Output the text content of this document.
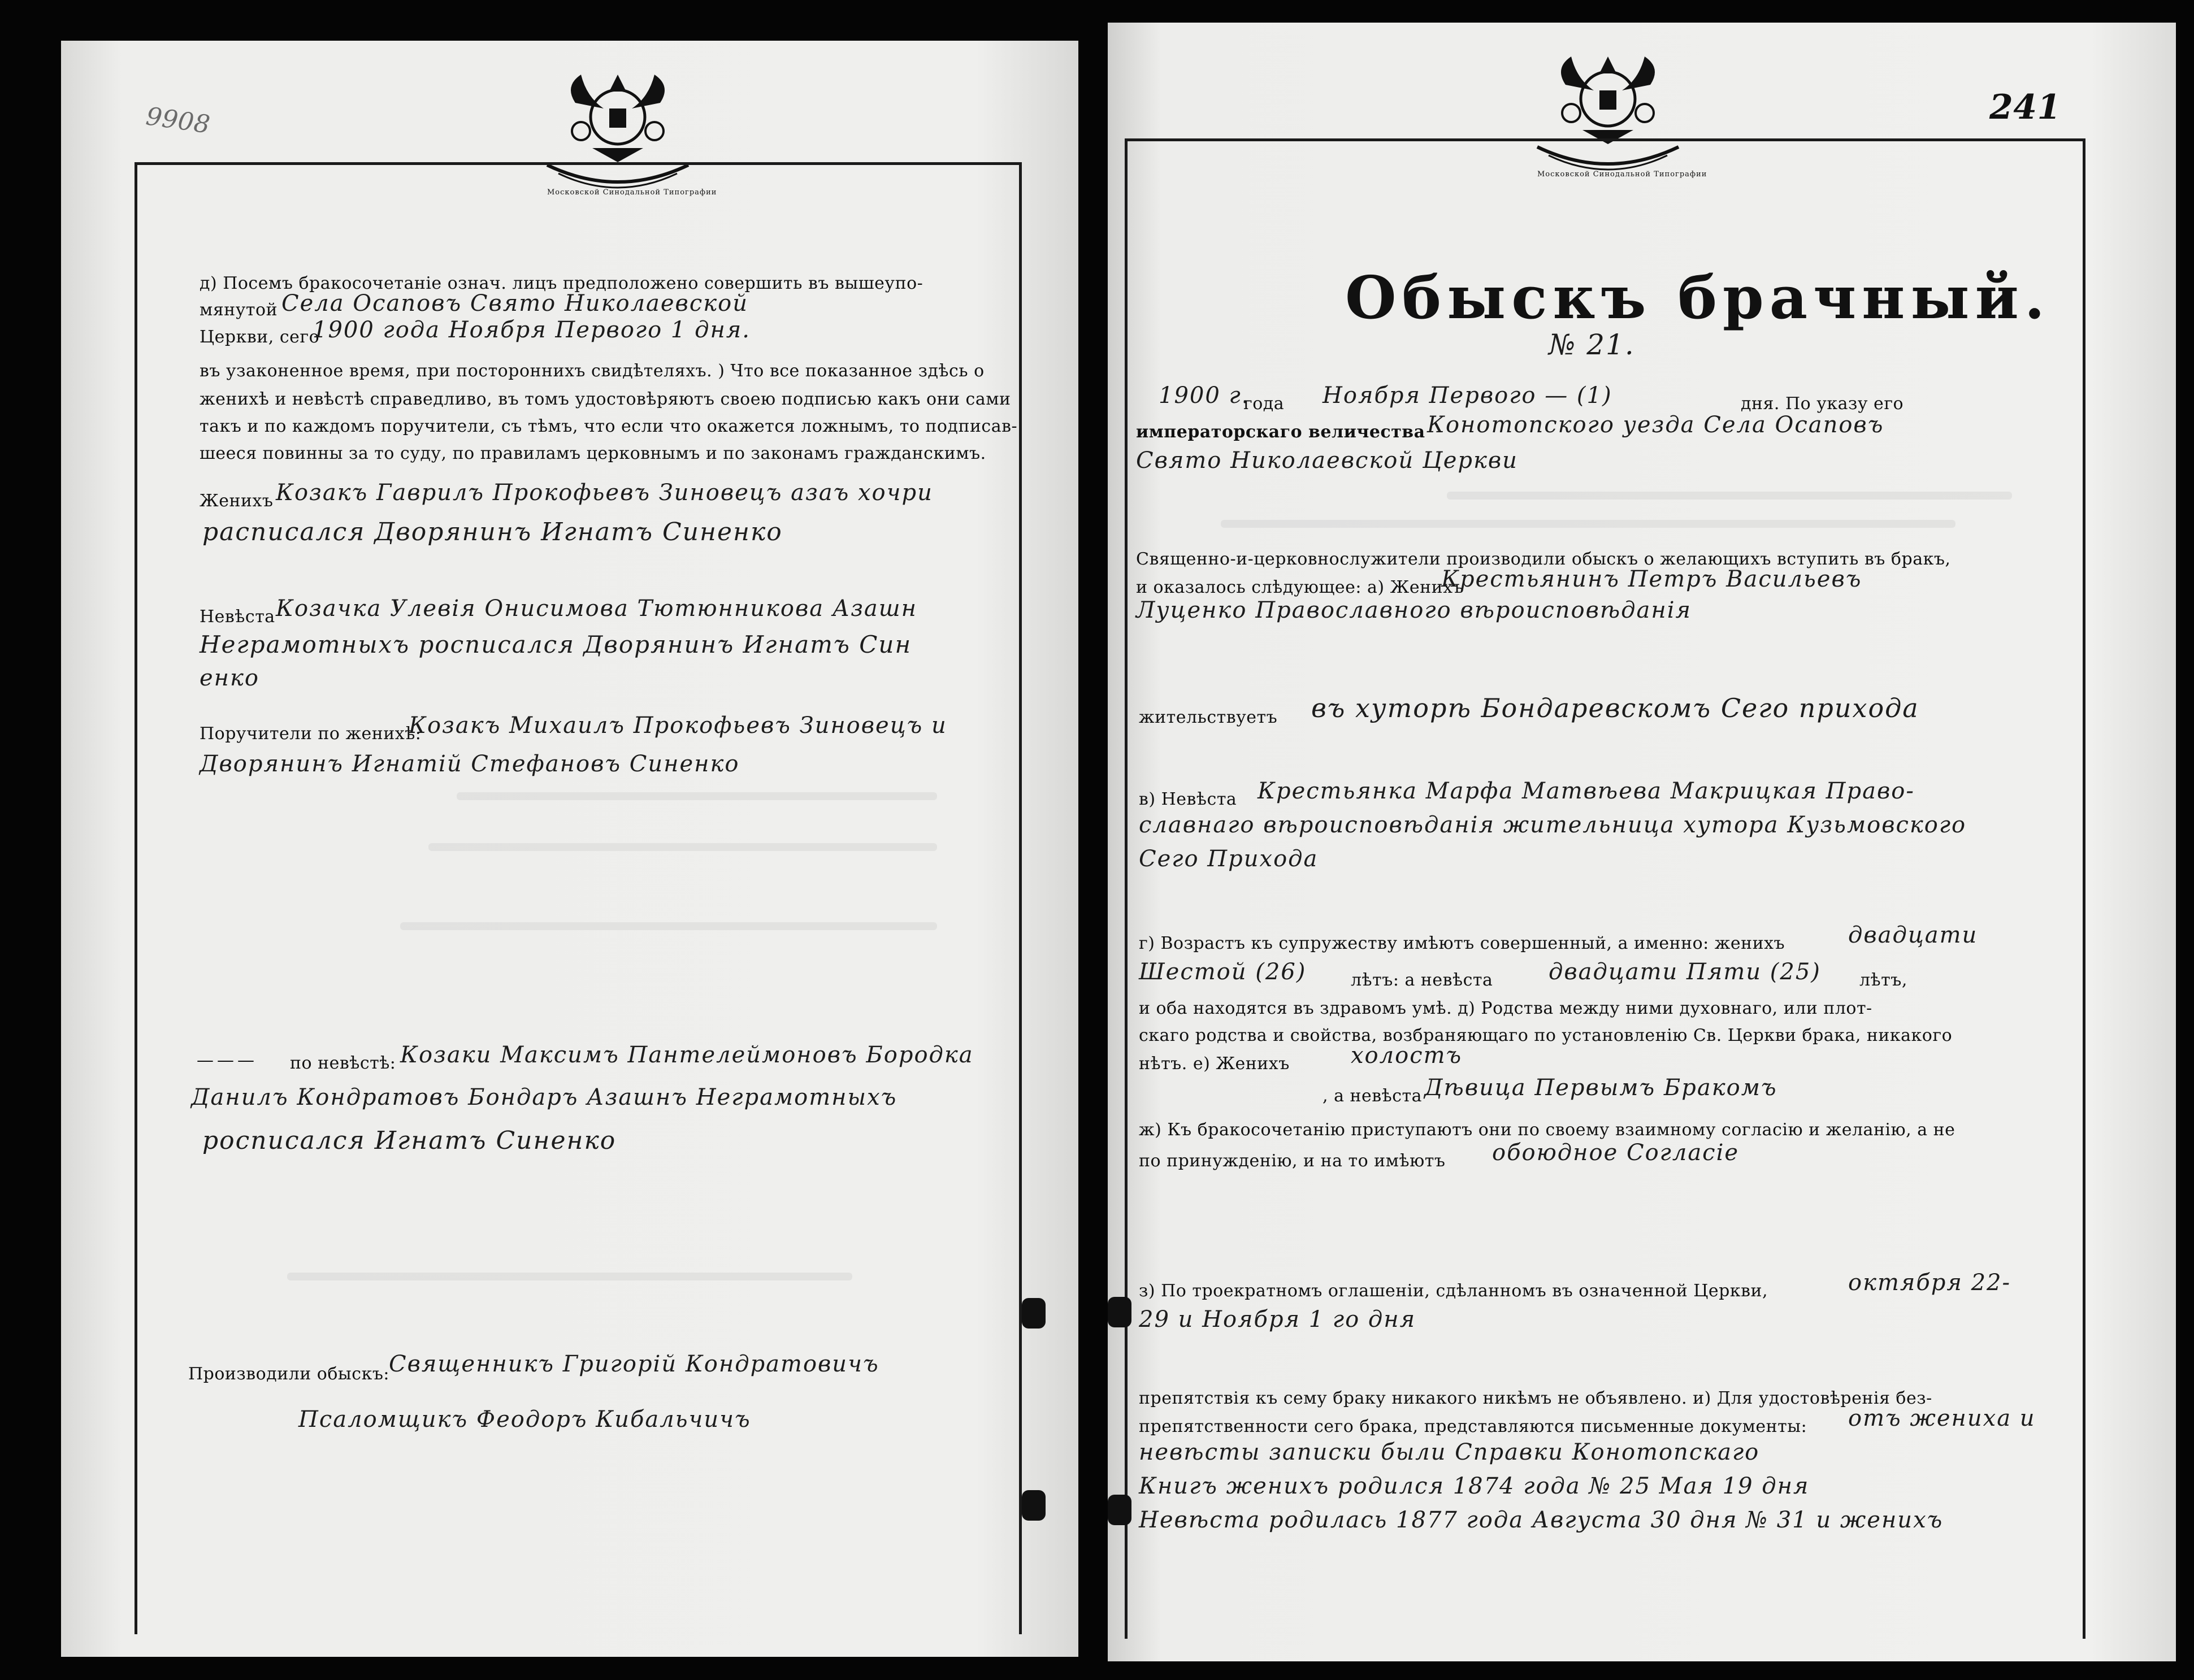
9908
Московской Синодальной Типографии
д) Посемъ бракосочетанiе означ. лицъ предположено совершить въ вышеупо-
мянутой Села Осаповъ Свято Николаевской
Церкви, сего
1900 года Ноября Первого 1 дня.
въ узаконенное время, при постороннихъ свидѣтеляхъ. ) Что все показанное здѣсь о
женихѣ и невѣстѣ справедливо, въ томъ удостовѣряютъ своею подписью какъ они сами
такъ и по каждомъ поручители, съ тѣмъ, что если что окажется ложнымъ, то подписав-
шееся повинны за то суду, по правиламъ церковнымъ и по законамъ гражданскимъ.
Женихъ Козакъ Гаврилъ Прокофьевъ Зиновецъ азаъ хочри
расписался Дворянинъ Игнатъ Синенко
Невѣста Козачка Улевiя Онисимова Тютюнникова Азашн
Неграмотныхъ росписался Дворянинъ Игнатъ Син
енко
Поручители по женихѣ:
Козакъ Михаилъ Прокофьевъ Зиновецъ и
Дворянинъ Игнатiй Стефановъ Синенко
——— по невѣстѣ: Козаки Максимъ Пантелеймоновъ Бородка
Данилъ Кондратовъ Бондаръ Азашнъ Неграмотныхъ
росписался Игнатъ Синенко
Производили обыскъ:
Священникъ Григорiй Кондратовичъ
Псаломщикъ Феодоръ Кибальчичъ
241
Московской Синодальной Типографии
Обыскъ брачный.
№ 21.
1900 г.
года Ноября Первого — (1)	дня. По указу его
императорскаго величества Конотопского уезда Села Осаповъ
Свято Николаевской Церкви
Священно-и-церковнослужители производили обыскъ о желающихъ вступить въ бракъ,
и оказалось слѣдующее: а) Женихъ
Крестьянинъ Петръ Васильевъ
Луценко Православного вѣроисповѣданiя
жительствуетъ въ хуторѣ Бондаревскомъ Сего прихода
в) Невѣста Крестьянка Марфа Матвѣева Макрицкая Право-
славнаго вѣроисповѣданiя жительница хутора Кузьмовского
Сего Прихода
г) Возрастъ къ супружеству имѣютъ совершенный, а именно: женихъ	двадцати
Шестой (26)	лѣтъ: а невѣста двадцати Пяти (25) лѣтъ,
и оба находятся въ здравомъ умѣ. д) Родства между ними духовнаго, или плот-
скаго родства и свойства, возбраняющаго по установленiю Св. Церкви брака, никакого
нѣтъ. е) Женихъ	холостъ
, а невѣста Дѣвица Первымъ Бракомъ
ж) Къ бракосочетанiю приступаютъ они по своему взаимному согласiю и желанiю, а не
по принужденiю, и на то имѣютъ обоюдное Согласiе
з) По троекратномъ оглашенiи, сдѣланномъ въ означенной Церкви,	октября 22-
29 и Ноября 1 го дня
препятствiя къ сему браку никакого никѣмъ не объявлено. и) Для удостовѣренiя без-
препятственности сего брака, представляются письменные документы: отъ жениха и
невѣсты записки были Справки Конотопскаго
Книгъ женихъ родился 1874 года № 25 Мая 19 дня
Невѣста родилась 1877 года Августа 30 дня № 31 и женихъ
